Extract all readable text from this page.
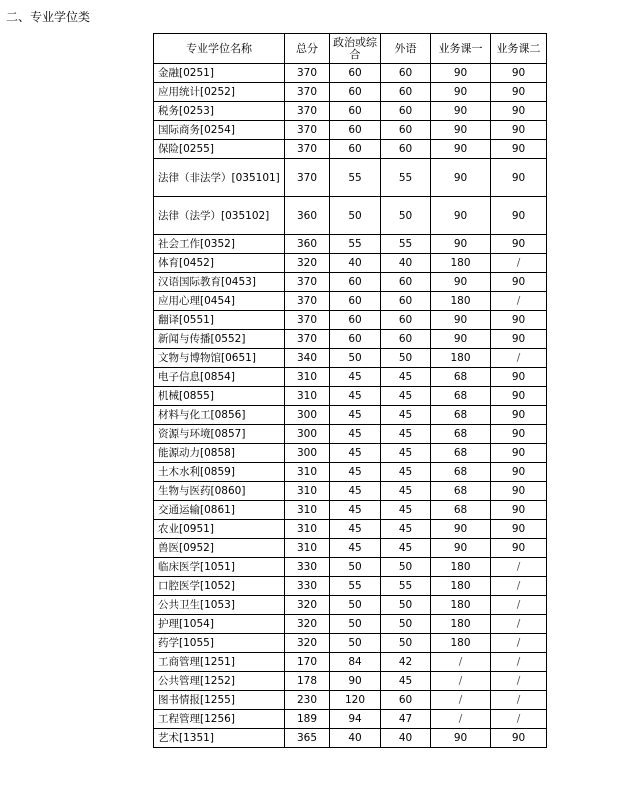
二、专业学位类
专业学位名称	总分	政治或综合	外语	业务课一	业务课二
金融[0251]	370	60	60	90	90
应用统计[0252]	370	60	60	90	90
税务[0253]	370	60	60	90	90
国际商务[0254]	370	60	60	90	90
保险[0255]	370	60	60	90	90
法律（非法学）[035101]	370	55	55	90	90
法律（法学）[035102]	360	50	50	90	90
社会工作[0352]	360	55	55	90	90
体育[0452]	320	40	40	180	/
汉语国际教育[0453]	370	60	60	90	90
应用心理[0454]	370	60	60	180	/
翻译[0551]	370	60	60	90	90
新闻与传播[0552]	370	60	60	90	90
文物与博物馆[0651]	340	50	50	180	/
电子信息[0854]	310	45	45	68	90
机械[0855]	310	45	45	68	90
材料与化工[0856]	300	45	45	68	90
资源与环境[0857]	300	45	45	68	90
能源动力[0858]	300	45	45	68	90
土木水利[0859]	310	45	45	68	90
生物与医药[0860]	310	45	45	68	90
交通运输[0861]	310	45	45	68	90
农业[0951]	310	45	45	90	90
兽医[0952]	310	45	45	90	90
临床医学[1051]	330	50	50	180	/
口腔医学[1052]	330	55	55	180	/
公共卫生[1053]	320	50	50	180	/
护理[1054]	320	50	50	180	/
药学[1055]	320	50	50	180	/
工商管理[1251]	170	84	42	/	/
公共管理[1252]	178	90	45	/	/
图书情报[1255]	230	120	60	/	/
工程管理[1256]	189	94	47	/	/
艺术[1351]	365	40	40	90	90
